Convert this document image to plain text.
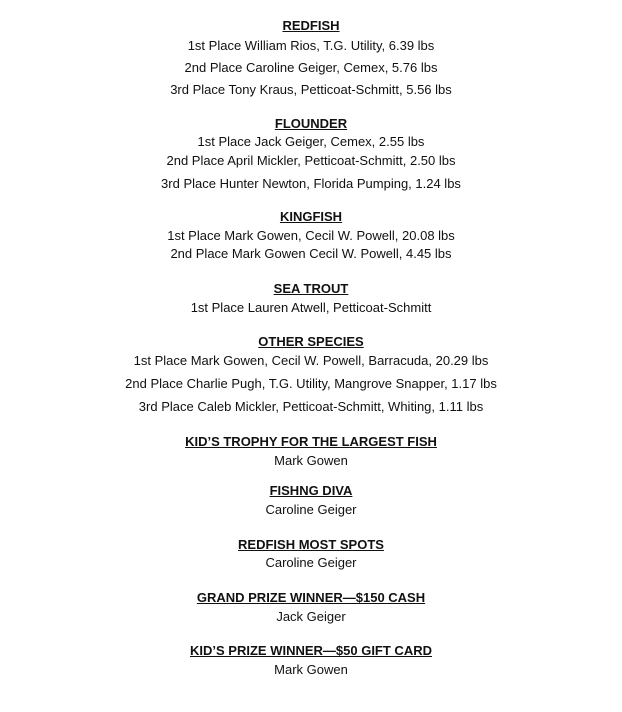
REDFISH
1st Place William Rios, T.G. Utility, 6.39 lbs
2nd Place Caroline Geiger, Cemex, 5.76 lbs
3rd Place Tony Kraus, Petticoat-Schmitt, 5.56 lbs
FLOUNDER
1st Place Jack Geiger, Cemex, 2.55 lbs
2nd Place April Mickler, Petticoat-Schmitt, 2.50 lbs
3rd Place Hunter Newton, Florida Pumping, 1.24 lbs
KINGFISH
1st Place Mark Gowen, Cecil W. Powell, 20.08 lbs
2nd Place Mark Gowen Cecil W. Powell, 4.45 lbs
SEA TROUT
1st Place Lauren Atwell, Petticoat-Schmitt
OTHER SPECIES
1st Place Mark Gowen, Cecil W. Powell, Barracuda, 20.29 lbs
2nd Place Charlie Pugh, T.G. Utility, Mangrove Snapper, 1.17 lbs
3rd Place Caleb Mickler, Petticoat-Schmitt, Whiting, 1.11 lbs
KID’S TROPHY FOR THE LARGEST FISH
Mark Gowen
FISHNG DIVA
Caroline Geiger
REDFISH MOST SPOTS
Caroline Geiger
GRAND PRIZE WINNER—$150 CASH
Jack Geiger
KID’S PRIZE WINNER—$50 GIFT CARD
Mark Gowen
